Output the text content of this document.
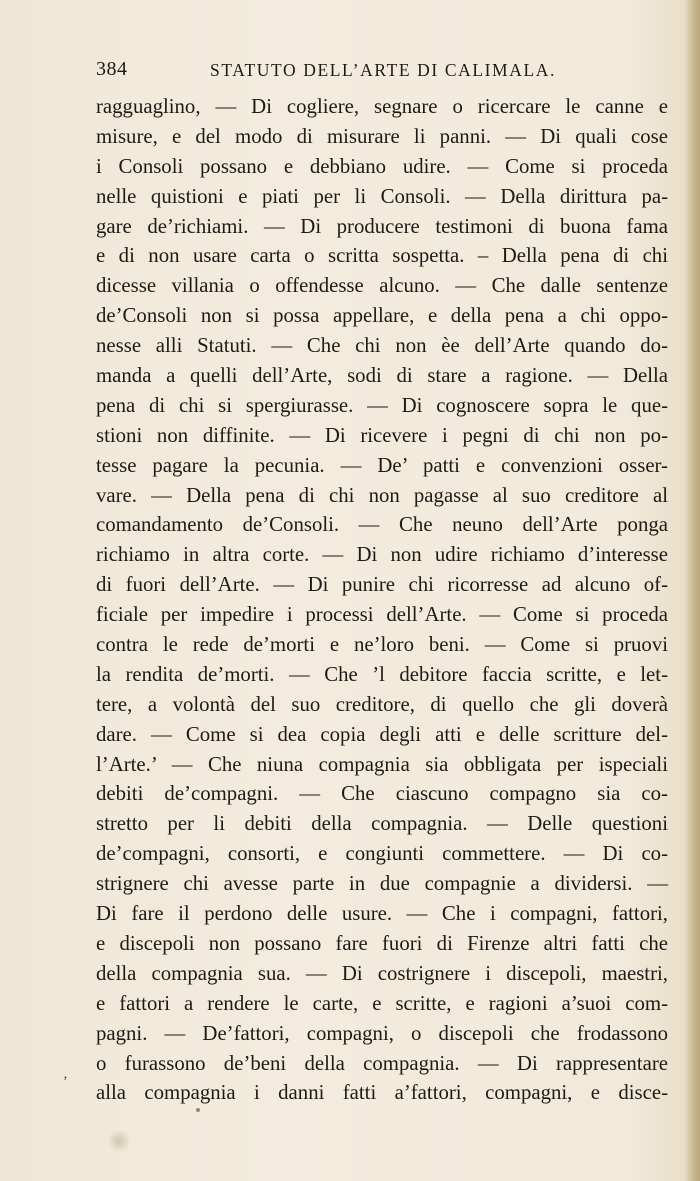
384	STATUTO DELL’ARTE DI CALIMALA.
ragguaglino, — Di cogliere, segnare o ricercare le canne e
misure, e del modo di misurare li panni. — Di quali cose
i Consoli possano e debbiano udire. — Come si proceda
nelle quistioni e piati per li Consoli. — Della dirittura pa-
gare de’richiami. — Di producere testimoni di buona fama
e di non usare carta o scritta sospetta. – Della pena di chi
dicesse villania o offendesse alcuno. — Che dalle sentenze
de’Consoli non si possa appellare, e della pena a chi oppo-
nesse alli Statuti. — Che chi non èe dell’Arte quando do-
manda a quelli dell’Arte, sodi di stare a ragione. — Della
pena di chi si spergiurasse. — Di cognoscere sopra le que-
stioni non diffinite. — Di ricevere i pegni di chi non po-
tesse pagare la pecunia. — De’ patti e convenzioni osser-
vare. — Della pena di chi non pagasse al suo creditore al
comandamento de’Consoli. — Che neuno dell’Arte ponga
richiamo in altra corte. — Di non udire richiamo d’interesse
di fuori dell’Arte. — Di punire chi ricorresse ad alcuno of-
ficiale per impedire i processi dell’Arte. — Come si proceda
contra le rede de’morti e ne’loro beni. — Come si pruovi
la rendita de’morti. — Che ’l debitore faccia scritte, e let-
tere, a volontà del suo creditore, di quello che gli doverà
dare. — Come si dea copia degli atti e delle scritture del-
l’Arte.’ — Che niuna compagnia sia obbligata per ispeciali
debiti de’compagni. — Che ciascuno compagno sia co-
stretto per li debiti della compagnia. — Delle questioni
de’compagni, consorti, e congiunti commettere. — Di co-
strignere chi avesse parte in due compagnie a dividersi. —
Di fare il perdono delle usure. — Che i compagni, fattori,
e discepoli non possano fare fuori di Firenze altri fatti che
della compagnia sua. — Di costrignere i discepoli, maestri,
e fattori a rendere le carte, e scritte, e ragioni a’suoi com-
pagni. — De’fattori, compagni, o discepoli che frodassono
o furassono de’beni della compagnia. — Di rappresentare
alla compagnia i danni fatti a’fattori, compagni, e disce-
‚
